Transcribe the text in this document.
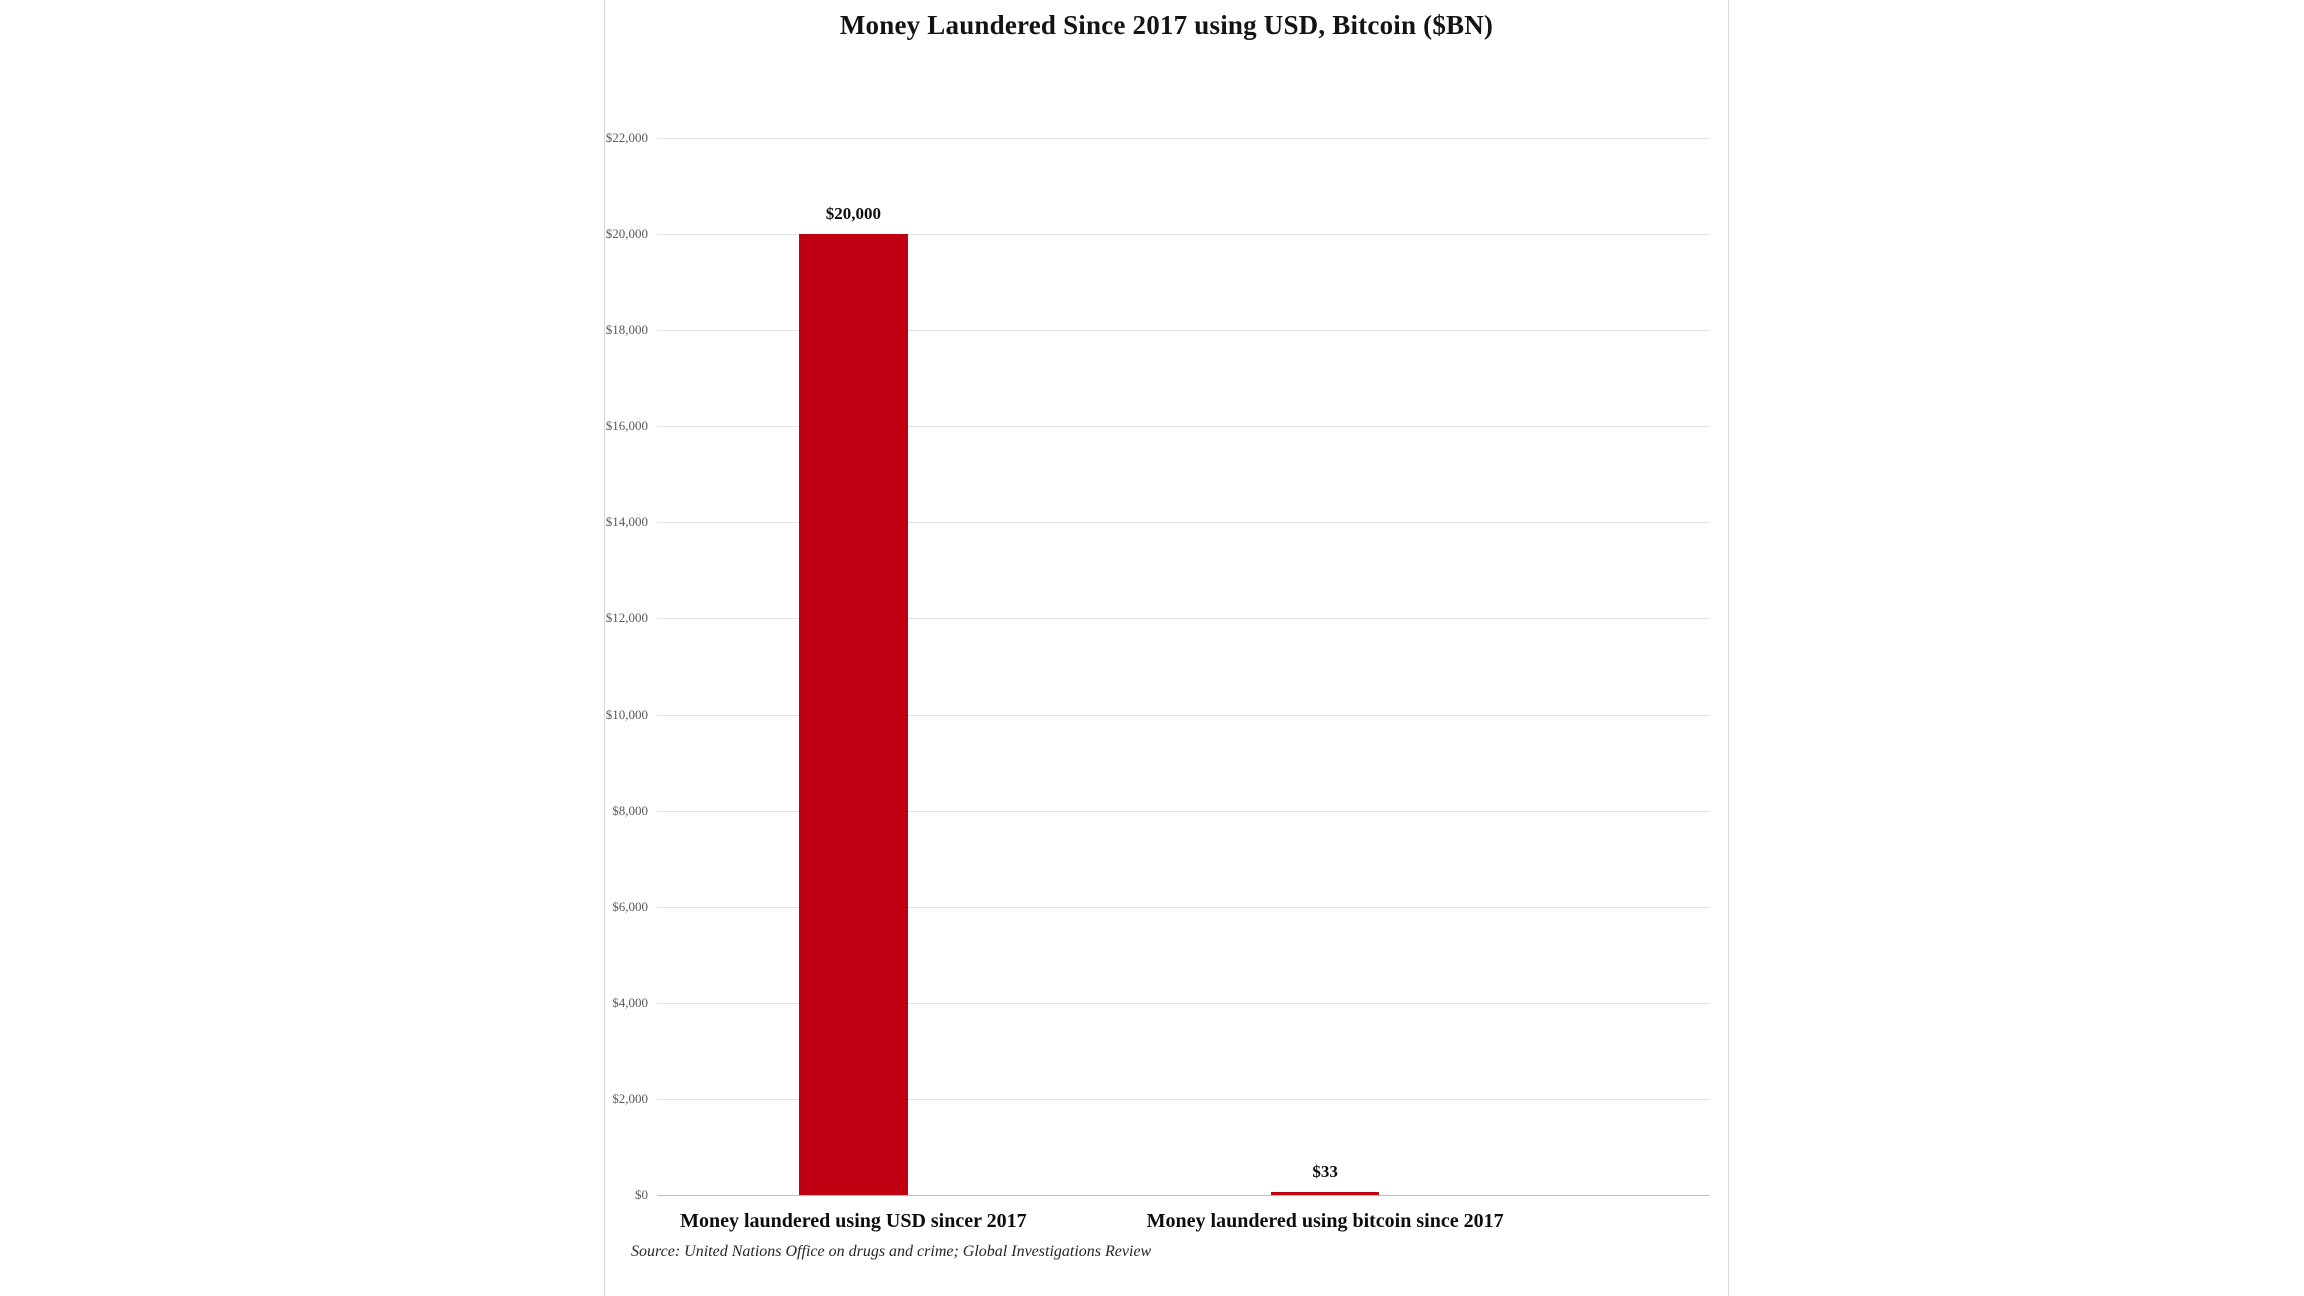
Money Laundered Since 2017 using USD, Bitcoin ($BN)
$0
$2,000
$4,000
$6,000
$8,000
$10,000
$12,000
$14,000
$16,000
$18,000
$20,000
$22,000
$20,000
Money laundered using USD sincer 2017
$33
Money laundered using bitcoin since 2017
Source: United Nations Office on drugs and crime; Global Investigations Review
